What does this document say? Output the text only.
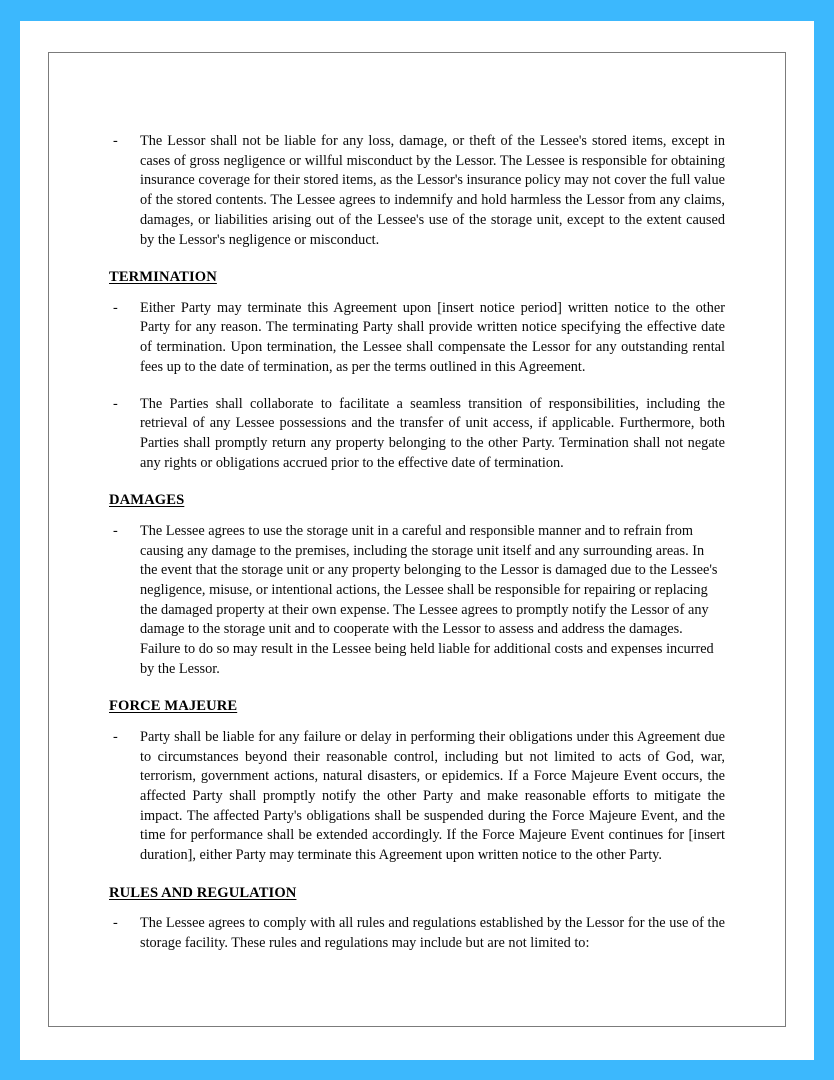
-	The Lessor shall not be liable for any loss, damage, or theft of the Lessee's stored items, except in cases of gross negligence or willful misconduct by the Lessor. The Lessee is responsible for obtaining insurance coverage for their stored items, as the Lessor's insurance policy may not cover the full value of the stored contents. The Lessee agrees to indemnify and hold harmless the Lessor from any claims, damages, or liabilities arising out of the Lessee's use of the storage unit, except to the extent caused by the Lessor's negligence or misconduct.
TERMINATION
-	Either Party may terminate this Agreement upon [insert notice period] written notice to the other Party for any reason. The terminating Party shall provide written notice specifying the effective date of termination. Upon termination, the Lessee shall compensate the Lessor for any outstanding rental fees up to the date of termination, as per the terms outlined in this Agreement.
-	The Parties shall collaborate to facilitate a seamless transition of responsibilities, including the retrieval of any Lessee possessions and the transfer of unit access, if applicable. Furthermore, both Parties shall promptly return any property belonging to the other Party. Termination shall not negate any rights or obligations accrued prior to the effective date of termination.
DAMAGES
-	The Lessee agrees to use the storage unit in a careful and responsible manner and to refrain from causing any damage to the premises, including the storage unit itself and any surrounding areas. In the event that the storage unit or any property belonging to the Lessor is damaged due to the Lessee's negligence, misuse, or intentional actions, the Lessee shall be responsible for repairing or replacing the damaged property at their own expense. The Lessee agrees to promptly notify the Lessor of any damage to the storage unit and to cooperate with the Lessor to assess and address the damages. Failure to do so may result in the Lessee being held liable for additional costs and expenses incurred by the Lessor.
FORCE MAJEURE
-	Party shall be liable for any failure or delay in performing their obligations under this Agreement due to circumstances beyond their reasonable control, including but not limited to acts of God, war, terrorism, government actions, natural disasters, or epidemics. If a Force Majeure Event occurs, the affected Party shall promptly notify the other Party and make reasonable efforts to mitigate the impact. The affected Party's obligations shall be suspended during the Force Majeure Event, and the time for performance shall be extended accordingly. If the Force Majeure Event continues for [insert duration], either Party may terminate this Agreement upon written notice to the other Party.
RULES AND REGULATION
-	The Lessee agrees to comply with all rules and regulations established by the Lessor for the use of the storage facility. These rules and regulations may include but are not limited to:
